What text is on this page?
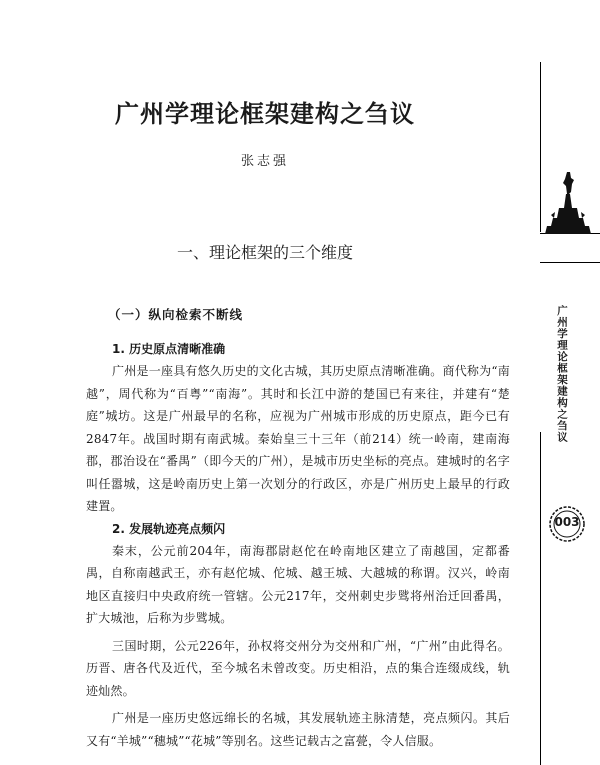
广州学理论框架建构之刍议
张志强
一、理论框架的三个维度
（一）纵向检索不断线

1. 历史原点清晰准确

广州是一座具有悠久历史的文化古城，其历史原点清晰准确。商代称为“南越”，周代称为“百粤”“南海”。其时和长江中游的楚国已有来往，并建有“楚庭”城坊。这是广州最早的名称，应视为广州城市形成的历史原点，距今已有2847年。战国时期有南武城。秦始皇三十三年（前214）统一岭南，建南海郡，郡治设在“番禺”（即今天的广州），是城市历史坐标的亮点。建城时的名字叫任嚣城，这是岭南历史上第一次划分的行政区，亦是广州历史上最早的行政建置。

2. 发展轨迹亮点频闪

秦末，公元前204年，南海郡尉赵佗在岭南地区建立了南越国，定都番禺，自称南越武王，亦有赵佗城、佗城、越王城、大越城的称谓。汉兴，岭南地区直接归中央政府统一管辖。公元217年，交州刺史步骘将州治迁回番禺，扩大城池，后称为步骘城。

三国时期，公元226年，孙权将交州分为交州和广州，“广州”由此得名。历晋、唐各代及近代，至今城名未曾改变。历史相沿，点的集合连缀成线，轨迹灿然。

广州是一座历史悠远绵长的名城，其发展轨迹主脉清楚，亮点频闪。其后又有“羊城”“穗城”“花城”等别名。这些记载古之富甍，令人信服。

广州学理论框架建构之刍议
003
